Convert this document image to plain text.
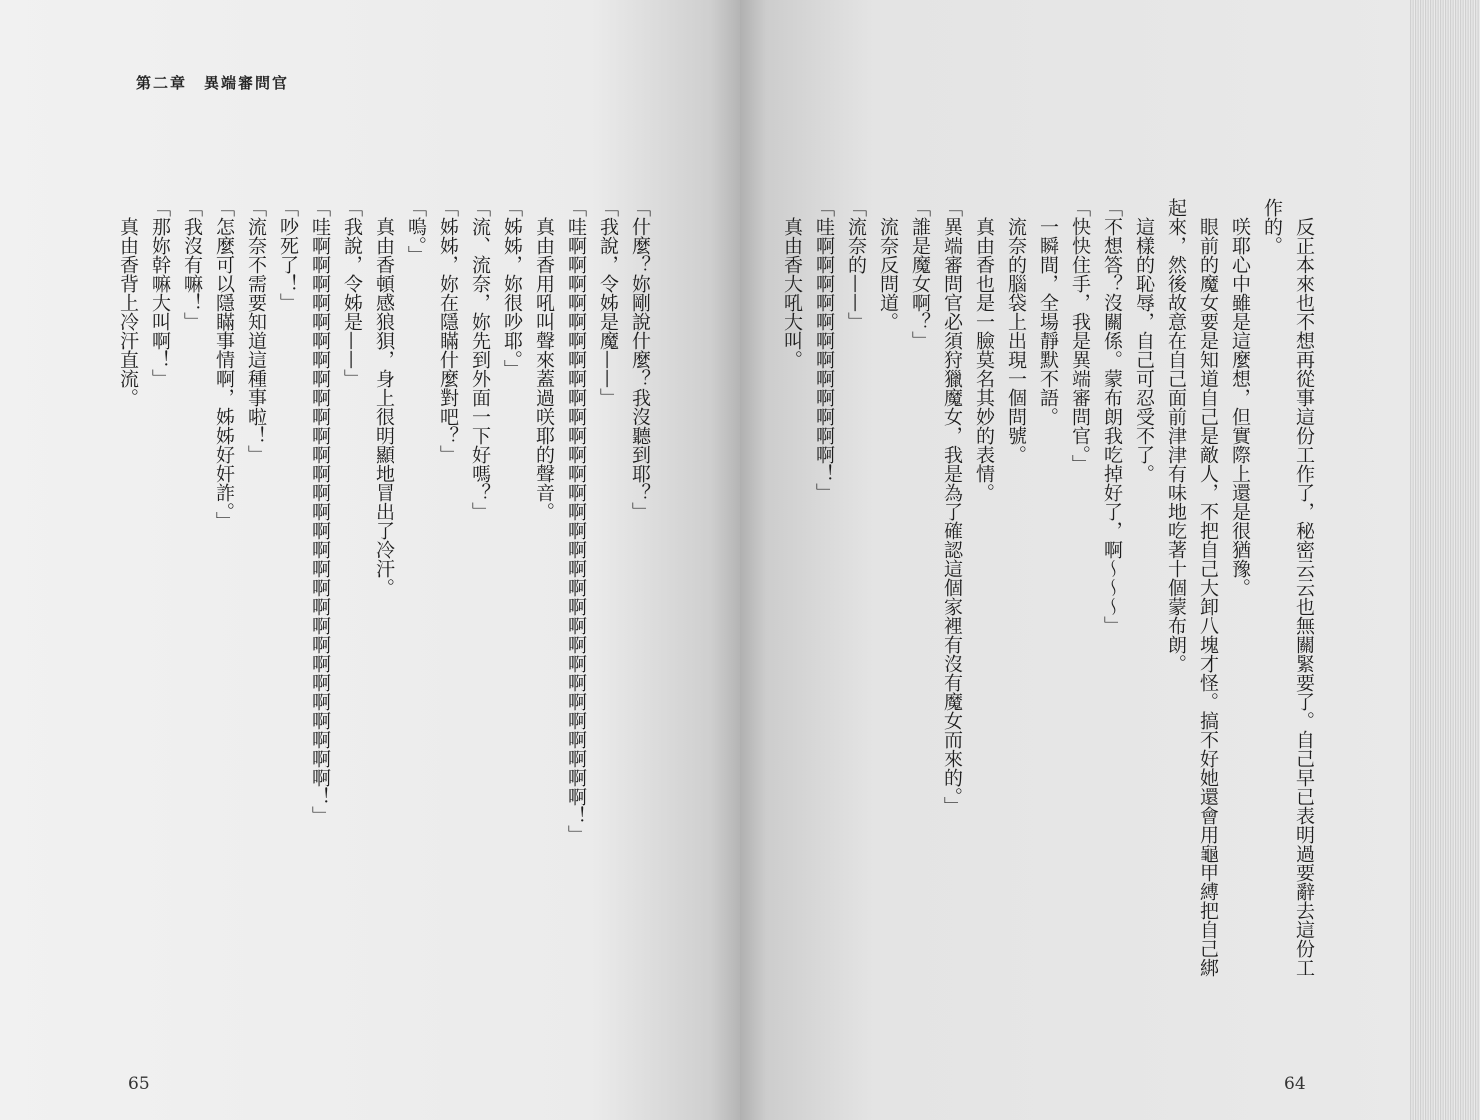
第二章　異端審問官

「什麼？妳剛說什麼？我沒聽到耶？」
「我說，令姊是魔——」
「哇啊啊啊啊啊啊啊啊啊啊啊啊啊啊啊啊啊啊啊啊啊啊啊啊啊啊啊啊啊啊！」
真由香用吼叫聲來蓋過咲耶的聲音。
「姊姊，妳很吵耶。」
「流、流奈，妳先到外面一下好嗎？」
「姊姊，妳在隱瞞什麼對吧？」
「嗚。」
真由香頓感狼狽，身上很明顯地冒出了冷汗。
「我說，令姊是——」
「哇啊啊啊啊啊啊啊啊啊啊啊啊啊啊啊啊啊啊啊啊啊啊啊啊啊啊啊啊啊！」
「吵死了！」
「流奈不需要知道這種事啦！」
「怎麼可以隱瞞事情啊，姊姊好奸詐。」
「我沒有嘛！」
「那妳幹嘛大叫啊！」
真由香背上冷汗直流。

65

反正本來也不想再從事這份工作了，秘密云云也無關緊要了。自己早已表明過要辭去這份工
作的。
咲耶心中雖是這麼想，但實際上還是很猶豫。
眼前的魔女要是知道自己是敵人，不把自己大卸八塊才怪。搞不好她還會用龜甲縛把自己綁
起來，然後故意在自己面前津津有味地吃著十個蒙布朗。
這樣的恥辱，自己可忍受不了。
「不想答？沒關係。蒙布朗我吃掉好了，啊～～～」
「快快住手，我是異端審問官。」
一瞬間，全場靜默不語。
流奈的腦袋上出現一個問號。
真由香也是一臉莫名其妙的表情。
「異端審問官必須狩獵魔女，我是為了確認這個家裡有沒有魔女而來的。」
「誰是魔女啊？」
流奈反問道。
「流奈的——」
「哇啊啊啊啊啊啊啊啊啊啊啊啊！」
真由香大吼大叫。

64
